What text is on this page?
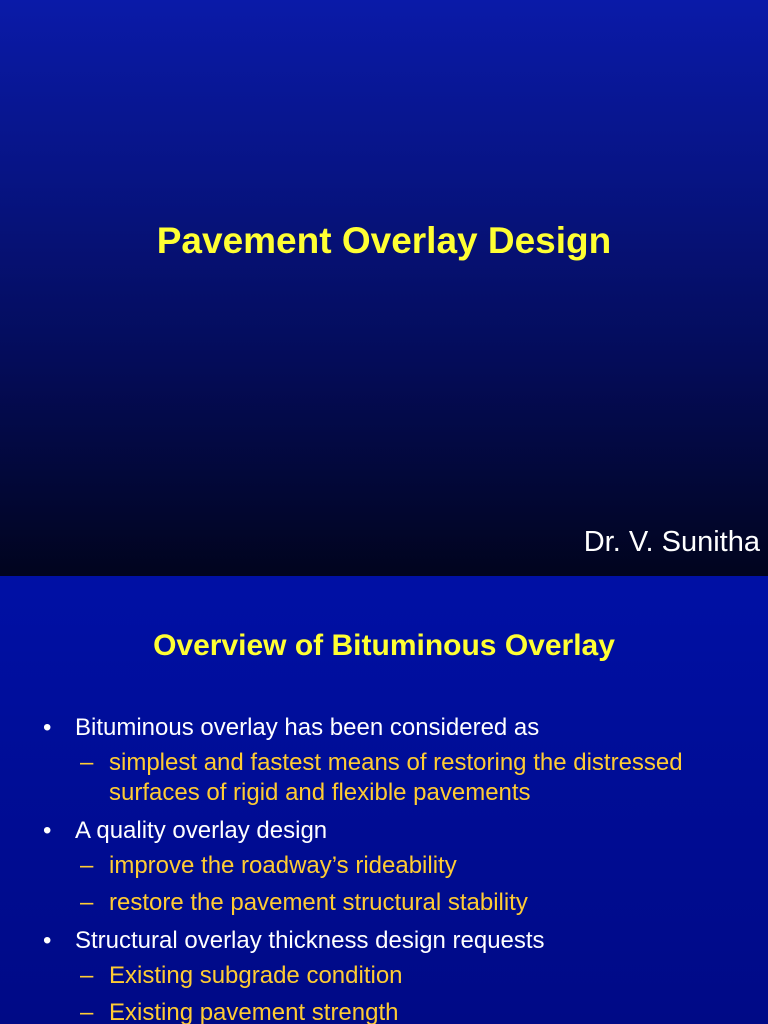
Pavement Overlay Design

Dr. V. Sunitha

Overview of Bituminous Overlay
• Bituminous overlay has been considered as
– simplest and fastest means of restoring the distressed surfaces of rigid and flexible pavements
• A quality overlay design
– improve the roadway’s rideability
– restore the pavement structural stability
• Structural overlay thickness design requests
– Existing subgrade condition
– Existing pavement strength
